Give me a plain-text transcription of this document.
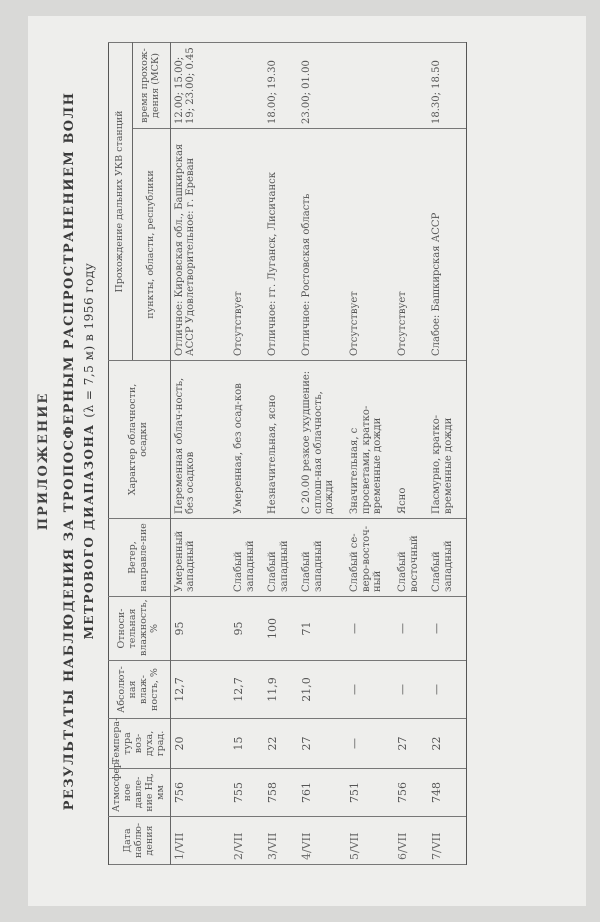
ПРИЛОЖЕНИЕ РЕЗУЛЬТАТЫ НАБЛЮДЕНИЯ ЗА ТРОПОСФЕРНЫМ РАСПРОСТРАНЕНИЕМ ВОЛН МЕТРОВОГО ДИАПАЗОНА (λ = 7,5 м) в 1956 году
Дата наблю-дения	Атмосфер-ное давле-ние Hд, мм	Темпера-тура воз-духа, град.	Абсолют-ная влаж-ность, %	Относи-тельная влажность, %	Ветер, направле-ние	Характер облачности, осадки	Прохождение дальних УКВ станций	
							пункты, области, республики	время прохож-дения (МСК)
1/VII	756	20	12,7	95	Умеренный западный	Переменная облач-ность, без осадков	Отличное: Кировская обл., Башкирская АССР Удовлетворительное: г. Ереван	12.00; 15.00; 19; 23.00; 0.45
2/VII	755	15	12,7	95	Слабый западный	Умеренная, без осад-ков	Отсутствует	
3/VII	758	22	11,9	100	Слабый западный	Незначительная, ясно	Отличное: гг. Луганск, Лисичанск	18.00; 19.30
4/VII	761	27	21,0	71	Слабый западный	С 20.00 резкое ухудшение: сплош-ная облачность, дожди	Отличное: Ростовская область	23.00; 01.00
5/VII	751	—	—	—	Слабый се-веро-восточ-ный	Значительная, с просветами, кратко-временные дожди	Отсутствует	
6/VII	756	27	—	—	Слабый восточный	Ясно	Отсутствует	
7/VII	748	22	—	—	Слабый западный	Пасмурно, кратко-временные дожди	Слабое: Башкирская АССР	18.30; 18.50
